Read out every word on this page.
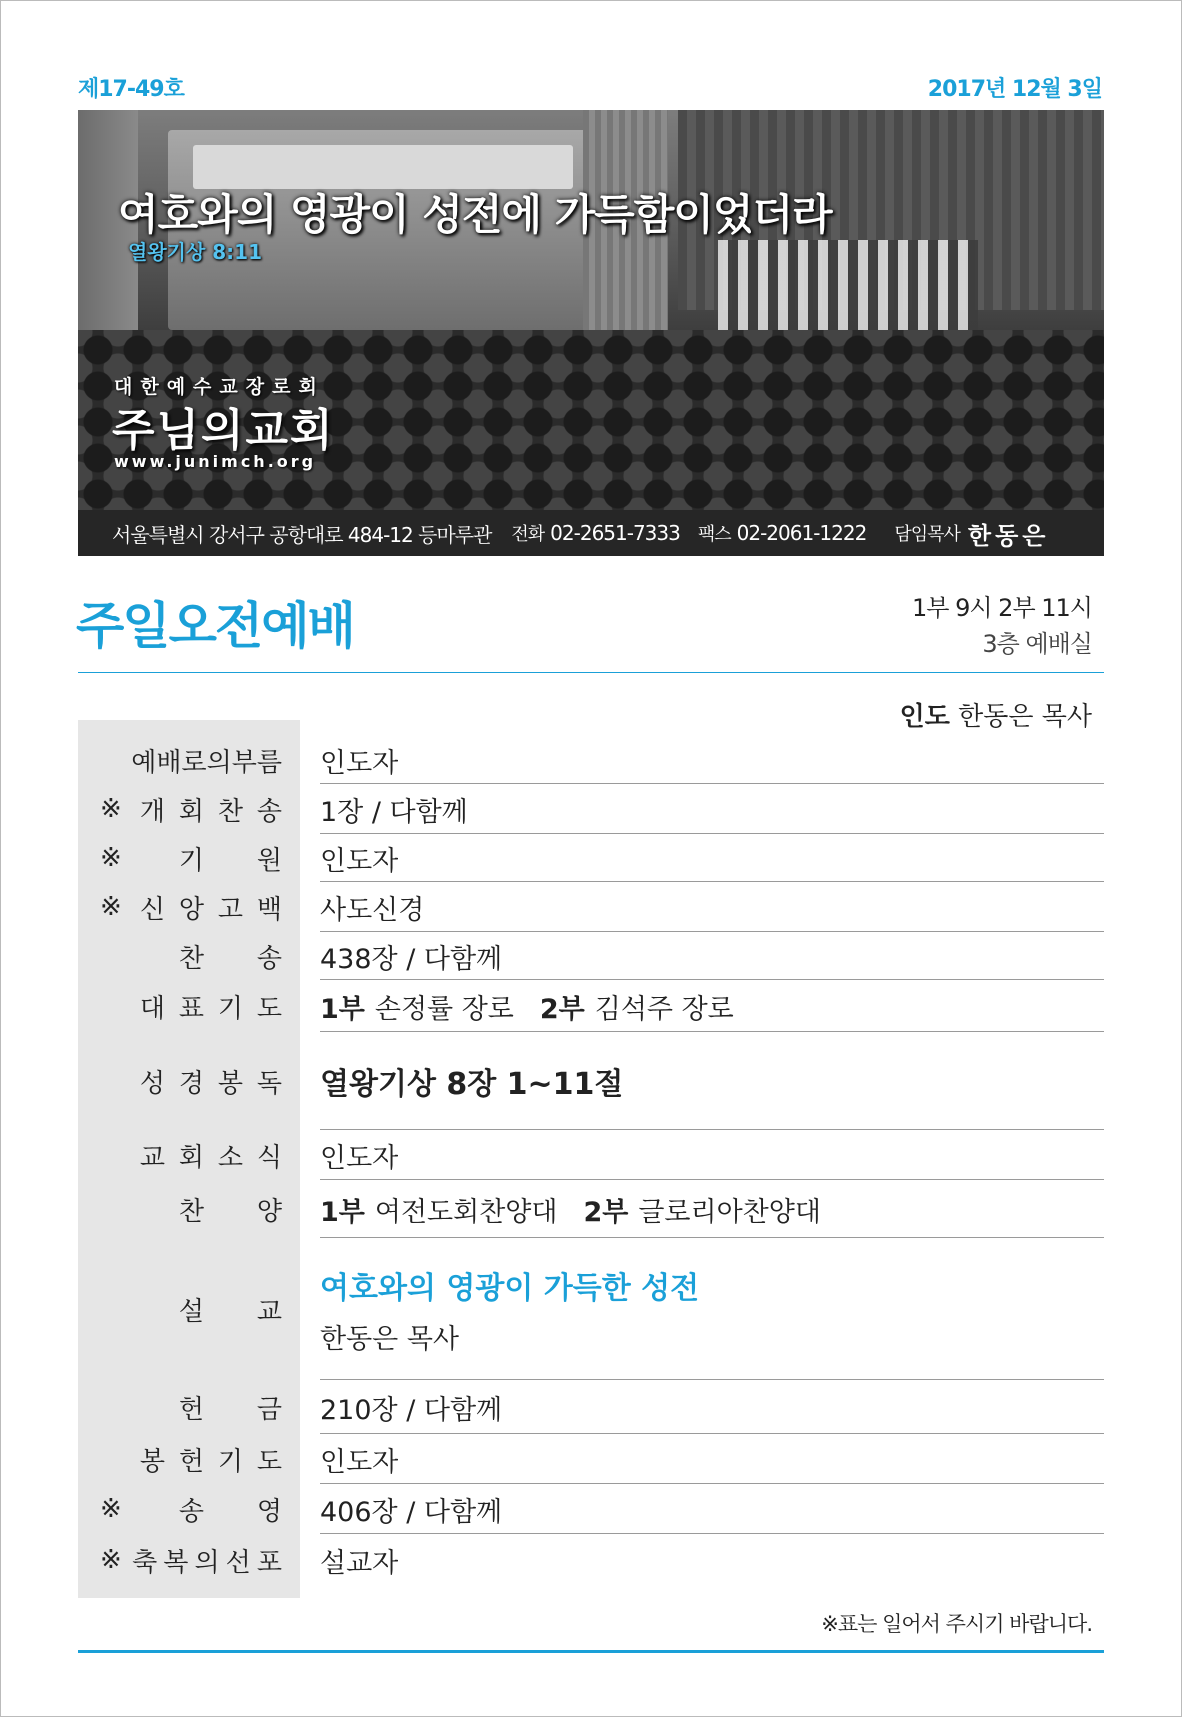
제17-49호	2017년 12월 3일
여호와의 영광이 성전에 가득함이었더라
열왕기상 8:11
대한예수교장로회
주님의교회
www.junimch.org
서울특별시 강서구 공항대로 484-12 등마루관 전화 02-2651-7333 팩스 02-2061-1222 담임목사 한동은
주일오전예배	1부 9시 2부 11시
3층 예배실
인도 한동은 목사
예배로의부름 인도자
※ 개 회 찬 송 1장 / 다함께
※ 기 원 인도자
※ 신 앙 고 백 사도신경
찬 송 438장 / 다함께
대 표 기 도 1부 손정률 장로 2부 김석주 장로
성 경 봉 독 열왕기상 8장 1~11절
교 회 소 식 인도자
찬 양 1부 여전도회찬양대 2부 글로리아찬양대
설 교
여호와의 영광이 가득한 성전
한동은 목사
헌 금 210장 / 다함께
봉 헌 기 도 인도자
※ 송 영 406장 / 다함께
※ 축 복 의 선 포 설교자
※표는 일어서 주시기 바랍니다.
